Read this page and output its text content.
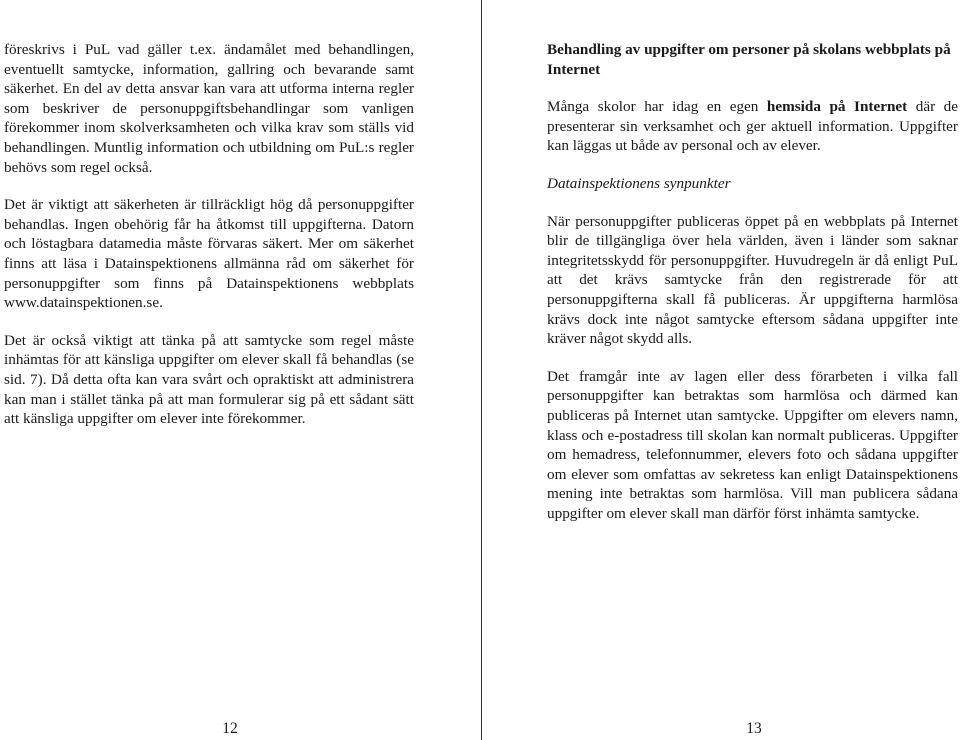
föreskrivs i PuL vad gäller t.ex. ändamålet med behandlingen, eventuellt samtycke, information, gallring och bevarande samt säkerhet. En del av detta ansvar kan vara att utforma interna regler som beskriver de personuppgiftsbehandlingar som vanligen förekommer inom skolverksamheten och vilka krav som ställs vid behandlingen. Muntlig information och utbildning om PuL:s regler behövs som regel också.

Det är viktigt att säkerheten är tillräckligt hög då personuppgifter behandlas. Ingen obehörig får ha åtkomst till uppgifterna. Datorn och löstagbara datamedia måste förvaras säkert. Mer om säkerhet finns att läsa i Datainspektionens allmänna råd om säkerhet för personuppgifter som finns på Datainspektionens webbplats www.datainspektionen.se.

Det är också viktigt att tänka på att samtycke som regel måste inhämtas för att känsliga uppgifter om elever skall få behandlas (se sid. 7). Då detta ofta kan vara svårt och opraktiskt att administrera kan man i stället tänka på att man formulerar sig på ett sådant sätt att känsliga uppgifter om elever inte förekommer.

Behandling av uppgifter om personer på skolans webbplats på Internet

Många skolor har idag en egen hemsida på Internet där de presenterar sin verksamhet och ger aktuell information. Uppgifter kan läggas ut både av personal och av elever.

Datainspektionens synpunkter

När personuppgifter publiceras öppet på en webbplats på Internet blir de tillgängliga över hela världen, även i länder som saknar integritetsskydd för personuppgifter. Huvudregeln är då enligt PuL att det krävs samtycke från den registrerade för att personuppgifterna skall få publiceras. Är uppgifterna harmlösa krävs dock inte något samtycke eftersom sådana uppgifter inte kräver något skydd alls.

Det framgår inte av lagen eller dess förarbeten i vilka fall personuppgifter kan betraktas som harmlösa och därmed kan publiceras på Internet utan samtycke. Uppgifter om elevers namn, klass och e-postadress till skolan kan normalt publiceras. Uppgifter om hemadress, telefonnummer, elevers foto och sådana uppgifter om elever som omfattas av sekretess kan enligt Datainspektionens mening inte betraktas som harmlösa. Vill man publicera sådana uppgifter om elever skall man därför först inhämta samtycke.

12	13
